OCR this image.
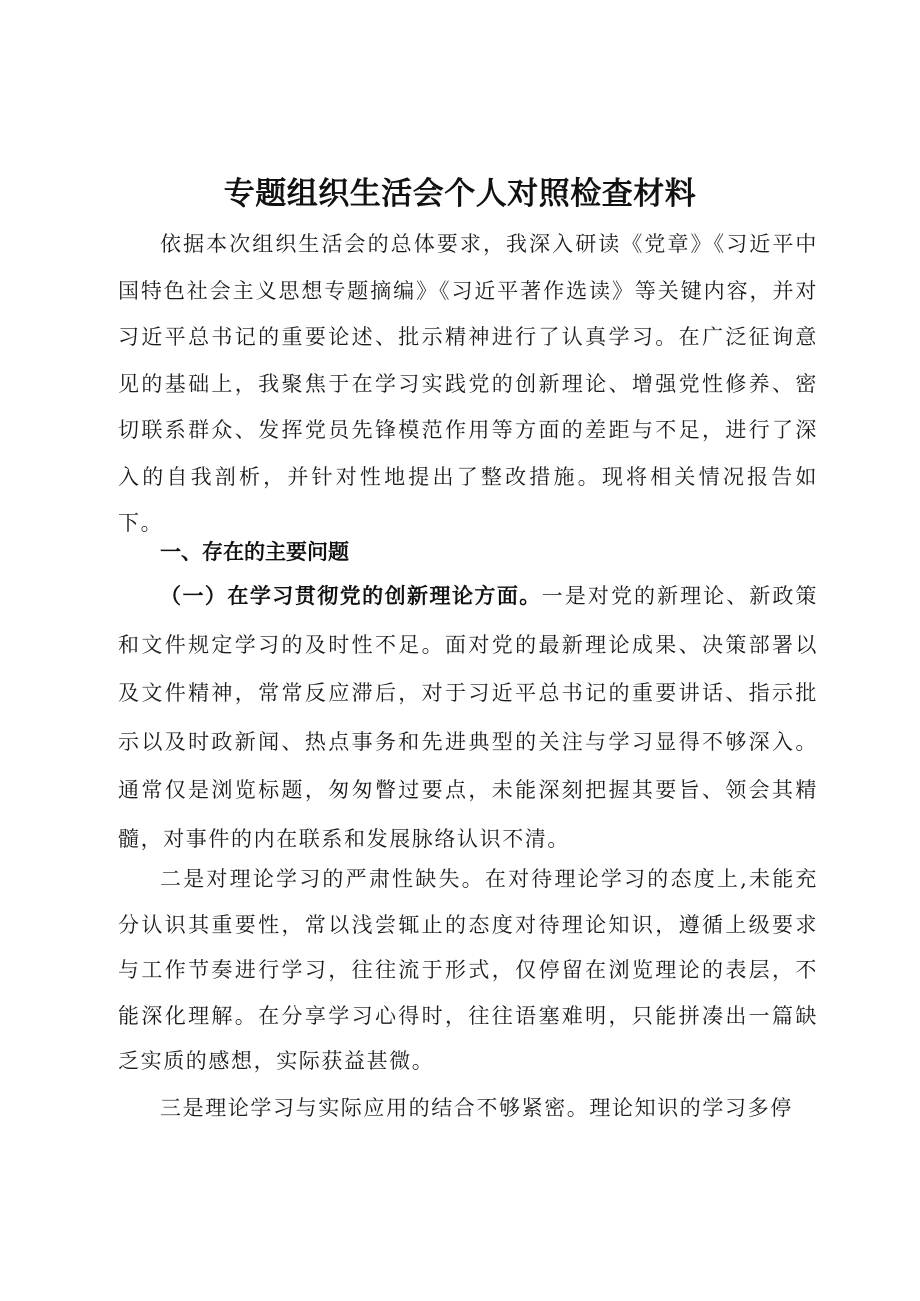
专题组织生活会个人对照检查材料

依据本次组织生活会的总体要求，我深入研读《党章》《习近平中国特色社会主义思想专题摘编》《习近平著作选读》等关键内容，并对习近平总书记的重要论述、批示精神进行了认真学习。在广泛征询意见的基础上，我聚焦于在学习实践党的创新理论、增强党性修养、密切联系群众、发挥党员先锋模范作用等方面的差距与不足，进行了深入的自我剖析，并针对性地提出了整改措施。现将相关情况报告如下。

一、存在的主要问题

（一）在学习贯彻党的创新理论方面。一是对党的新理论、新政策和文件规定学习的及时性不足。面对党的最新理论成果、决策部署以及文件精神，常常反应滞后，对于习近平总书记的重要讲话、指示批示以及时政新闻、热点事务和先进典型的关注与学习显得不够深入。通常仅是浏览标题，匆匆瞥过要点，未能深刻把握其要旨、领会其精髓，对事件的内在联系和发展脉络认识不清。

二是对理论学习的严肃性缺失。在对待理论学习的态度上,未能充分认识其重要性，常以浅尝辄止的态度对待理论知识，遵循上级要求与工作节奏进行学习，往往流于形式，仅停留在浏览理论的表层，不能深化理解。在分享学习心得时，往往语塞难明，只能拼凑出一篇缺乏实质的感想，实际获益甚微。

三是理论学习与实际应用的结合不够紧密。理论知识的学习多停
